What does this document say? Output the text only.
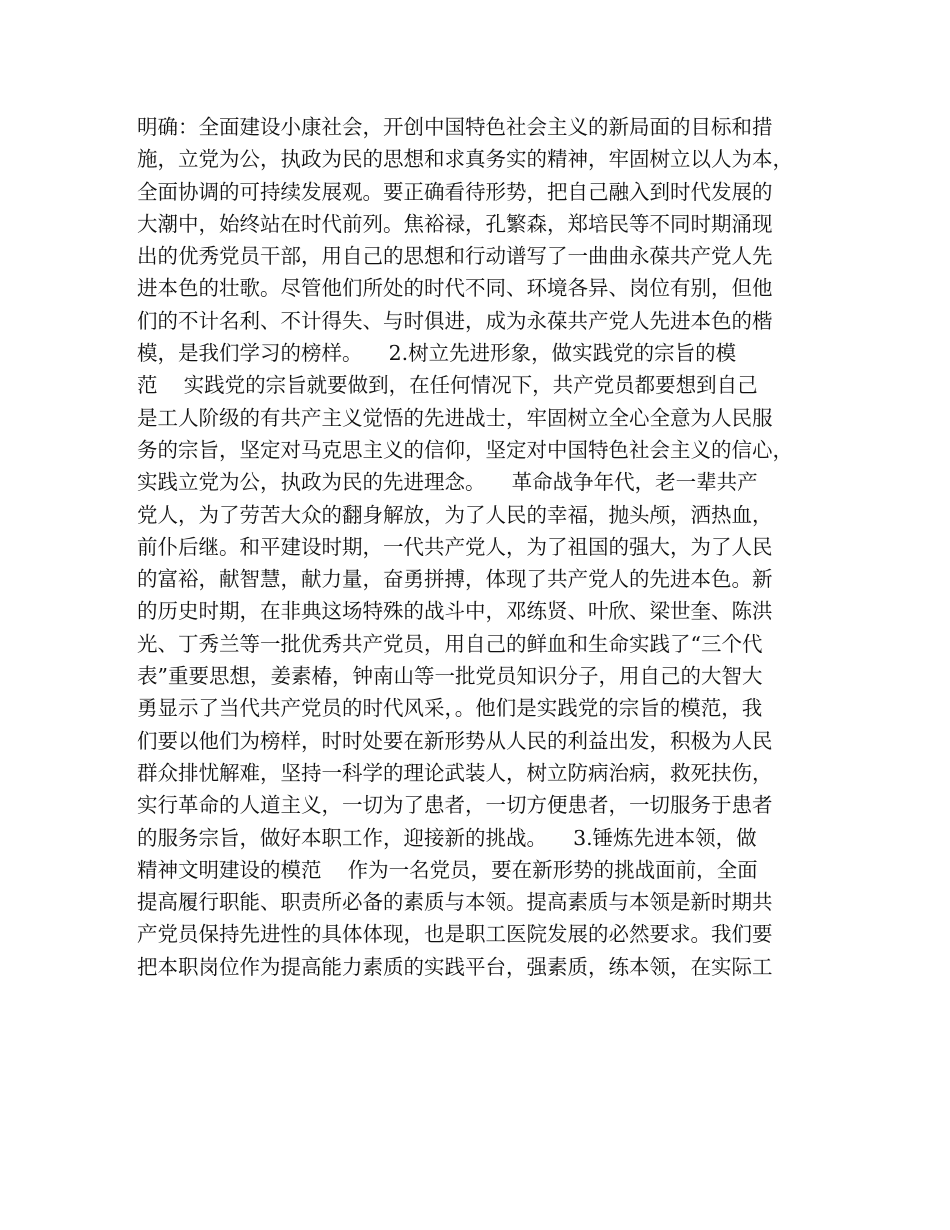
明确：全面建设小康社会，开创中国特色社会主义的新局面的目标和措
施，立党为公，执政为民的思想和求真务实的精神，牢固树立以人为本，
全面协调的可持续发展观。要正确看待形势，把自己融入到时代发展的
大潮中，始终站在时代前列。焦裕禄，孔繁森，郑培民等不同时期涌现
出的优秀党员干部，用自己的思想和行动谱写了一曲曲永葆共产党人先
进本色的壮歌。尽管他们所处的时代不同、环境各异、岗位有别，但他
们的不计名利、不计得失、与时俱进，成为永葆共产党人先进本色的楷
模，是我们学习的榜样。    2.树立先进形象，做实践党的宗旨的模
范    实践党的宗旨就要做到，在任何情况下，共产党员都要想到自己
是工人阶级的有共产主义觉悟的先进战士，牢固树立全心全意为人民服
务的宗旨，坚定对马克思主义的信仰，坚定对中国特色社会主义的信心，
实践立党为公，执政为民的先进理念。    革命战争年代，老一辈共产
党人，为了劳苦大众的翻身解放，为了人民的幸福，抛头颅，洒热血，
前仆后继。和平建设时期，一代共产党人，为了祖国的强大，为了人民
的富裕，献智慧，献力量，奋勇拼搏，体现了共产党人的先进本色。新
的历史时期，在非典这场特殊的战斗中，邓练贤、叶欣、梁世奎、陈洪
光、丁秀兰等一批优秀共产党员，用自己的鲜血和生命实践了“三个代
表”重要思想，姜素椿，钟南山等一批党员知识分子，用自己的大智大
勇显示了当代共产党员的时代风采，。他们是实践党的宗旨的模范，我
们要以他们为榜样，时时处要在新形势从人民的利益出发，积极为人民
群众排忧解难，坚持一科学的理论武装人，树立防病治病，救死扶伤，
实行革命的人道主义，一切为了患者，一切方便患者，一切服务于患者
的服务宗旨，做好本职工作，迎接新的挑战。    3.锤炼先进本领，做
精神文明建设的模范    作为一名党员，要在新形势的挑战面前，全面
提高履行职能、职责所必备的素质与本领。提高素质与本领是新时期共
产党员保持先进性的具体体现，也是职工医院发展的必然要求。我们要
把本职岗位作为提高能力素质的实践平台，强素质，练本领，在实际工
